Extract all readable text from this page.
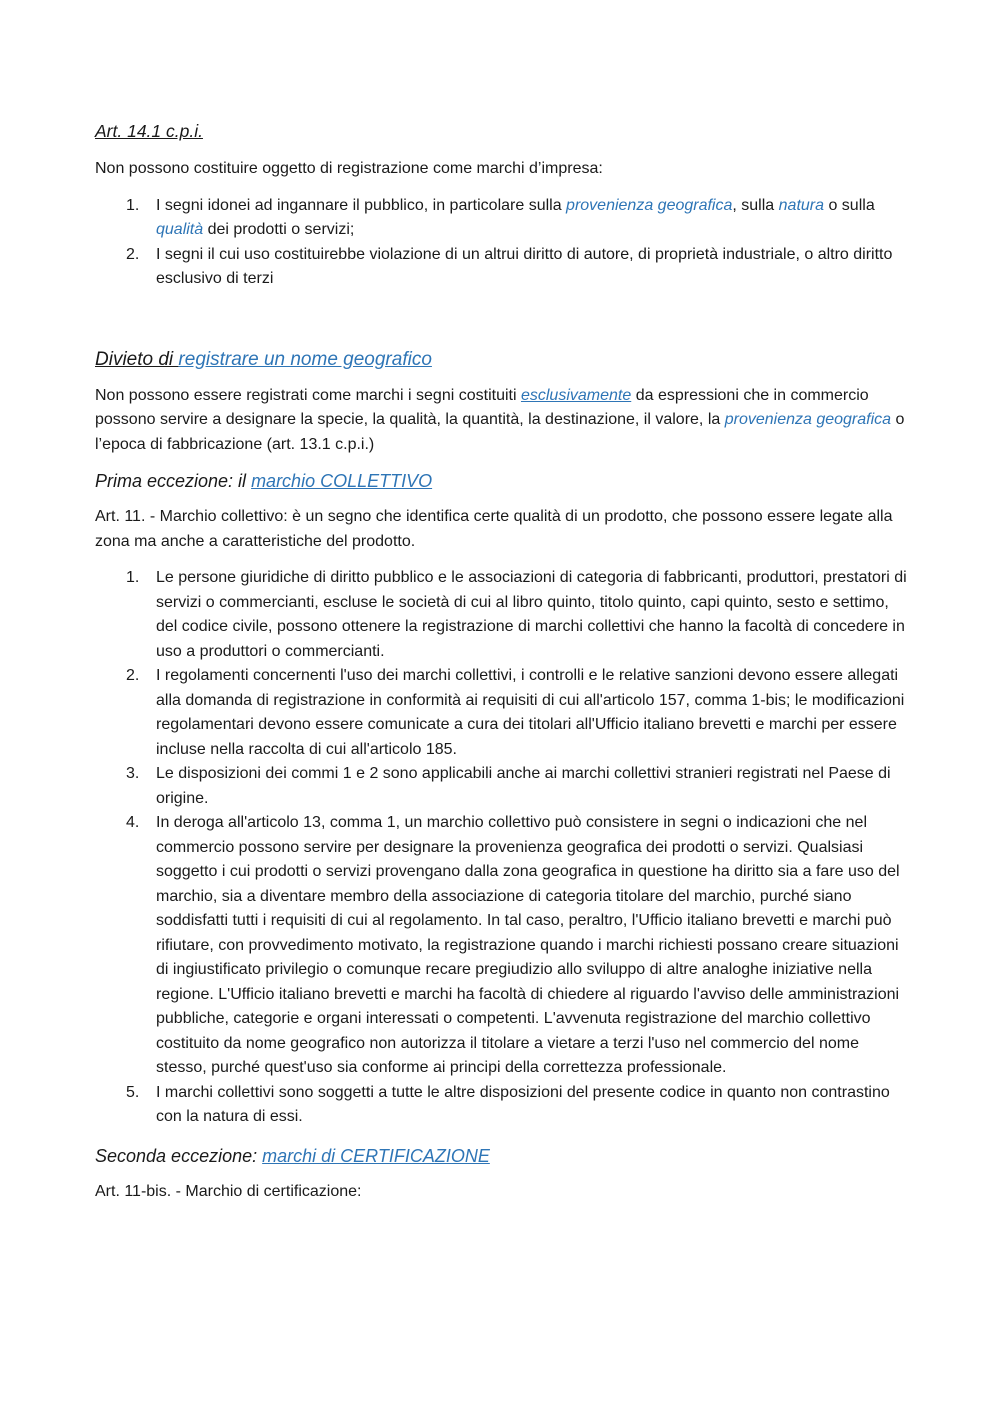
Art. 14.1 c.p.i.

Non possono costituire oggetto di registrazione come marchi d’impresa:

1. I segni idonei ad ingannare il pubblico, in particolare sulla provenienza geografica, sulla natura o sulla qualità dei prodotti o servizi;
2. I segni il cui uso costituirebbe violazione di un altrui diritto di autore, di proprietà industriale, o altro diritto esclusivo di terzi
Divieto di registrare un nome geografico

Non possono essere registrati come marchi i segni costituiti esclusivamente da espressioni che in commercio possono servire a designare la specie, la qualità, la quantità, la destinazione, il valore, la provenienza geografica o l’epoca di fabbricazione (art. 13.1 c.p.i.)

Prima eccezione: il marchio COLLETTIVO

Art. 11. - Marchio collettivo: è un segno che identifica certe qualità di un prodotto, che possono essere legate alla zona ma anche a caratteristiche del prodotto.

1. Le persone giuridiche di diritto pubblico e le associazioni di categoria di fabbricanti, produttori, prestatori di servizi o commercianti, escluse le società di cui al libro quinto, titolo quinto, capi quinto, sesto e settimo, del codice civile, possono ottenere la registrazione di marchi collettivi che hanno la facoltà di concedere in uso a produttori o commercianti.
2. I regolamenti concernenti l'uso dei marchi collettivi, i controlli e le relative sanzioni devono essere allegati alla domanda di registrazione in conformità ai requisiti di cui all'articolo 157, comma 1-bis; le modificazioni regolamentari devono essere comunicate a cura dei titolari all'Ufficio italiano brevetti e marchi per essere incluse nella raccolta di cui all'articolo 185.
3. Le disposizioni dei commi 1 e 2 sono applicabili anche ai marchi collettivi stranieri registrati nel Paese di origine.
4. In deroga all'articolo 13, comma 1, un marchio collettivo può consistere in segni o indicazioni che nel commercio possono servire per designare la provenienza geografica dei prodotti o servizi. Qualsiasi soggetto i cui prodotti o servizi provengano dalla zona geografica in questione ha diritto sia a fare uso del marchio, sia a diventare membro della associazione di categoria titolare del marchio, purché siano soddisfatti tutti i requisiti di cui al regolamento. In tal caso, peraltro, l'Ufficio italiano brevetti e marchi può rifiutare, con provvedimento motivato, la registrazione quando i marchi richiesti possano creare situazioni di ingiustificato privilegio o comunque recare pregiudizio allo sviluppo di altre analoghe iniziative nella regione. L'Ufficio italiano brevetti e marchi ha facoltà di chiedere al riguardo l'avviso delle amministrazioni pubbliche, categorie e organi interessati o competenti. L'avvenuta registrazione del marchio collettivo costituito da nome geografico non autorizza il titolare a vietare a terzi l'uso nel commercio del nome stesso, purché quest'uso sia conforme ai principi della correttezza professionale.
5. I marchi collettivi sono soggetti a tutte le altre disposizioni del presente codice in quanto non contrastino con la natura di essi.
Seconda eccezione: marchi di CERTIFICAZIONE

Art. 11-bis. - Marchio di certificazione:
